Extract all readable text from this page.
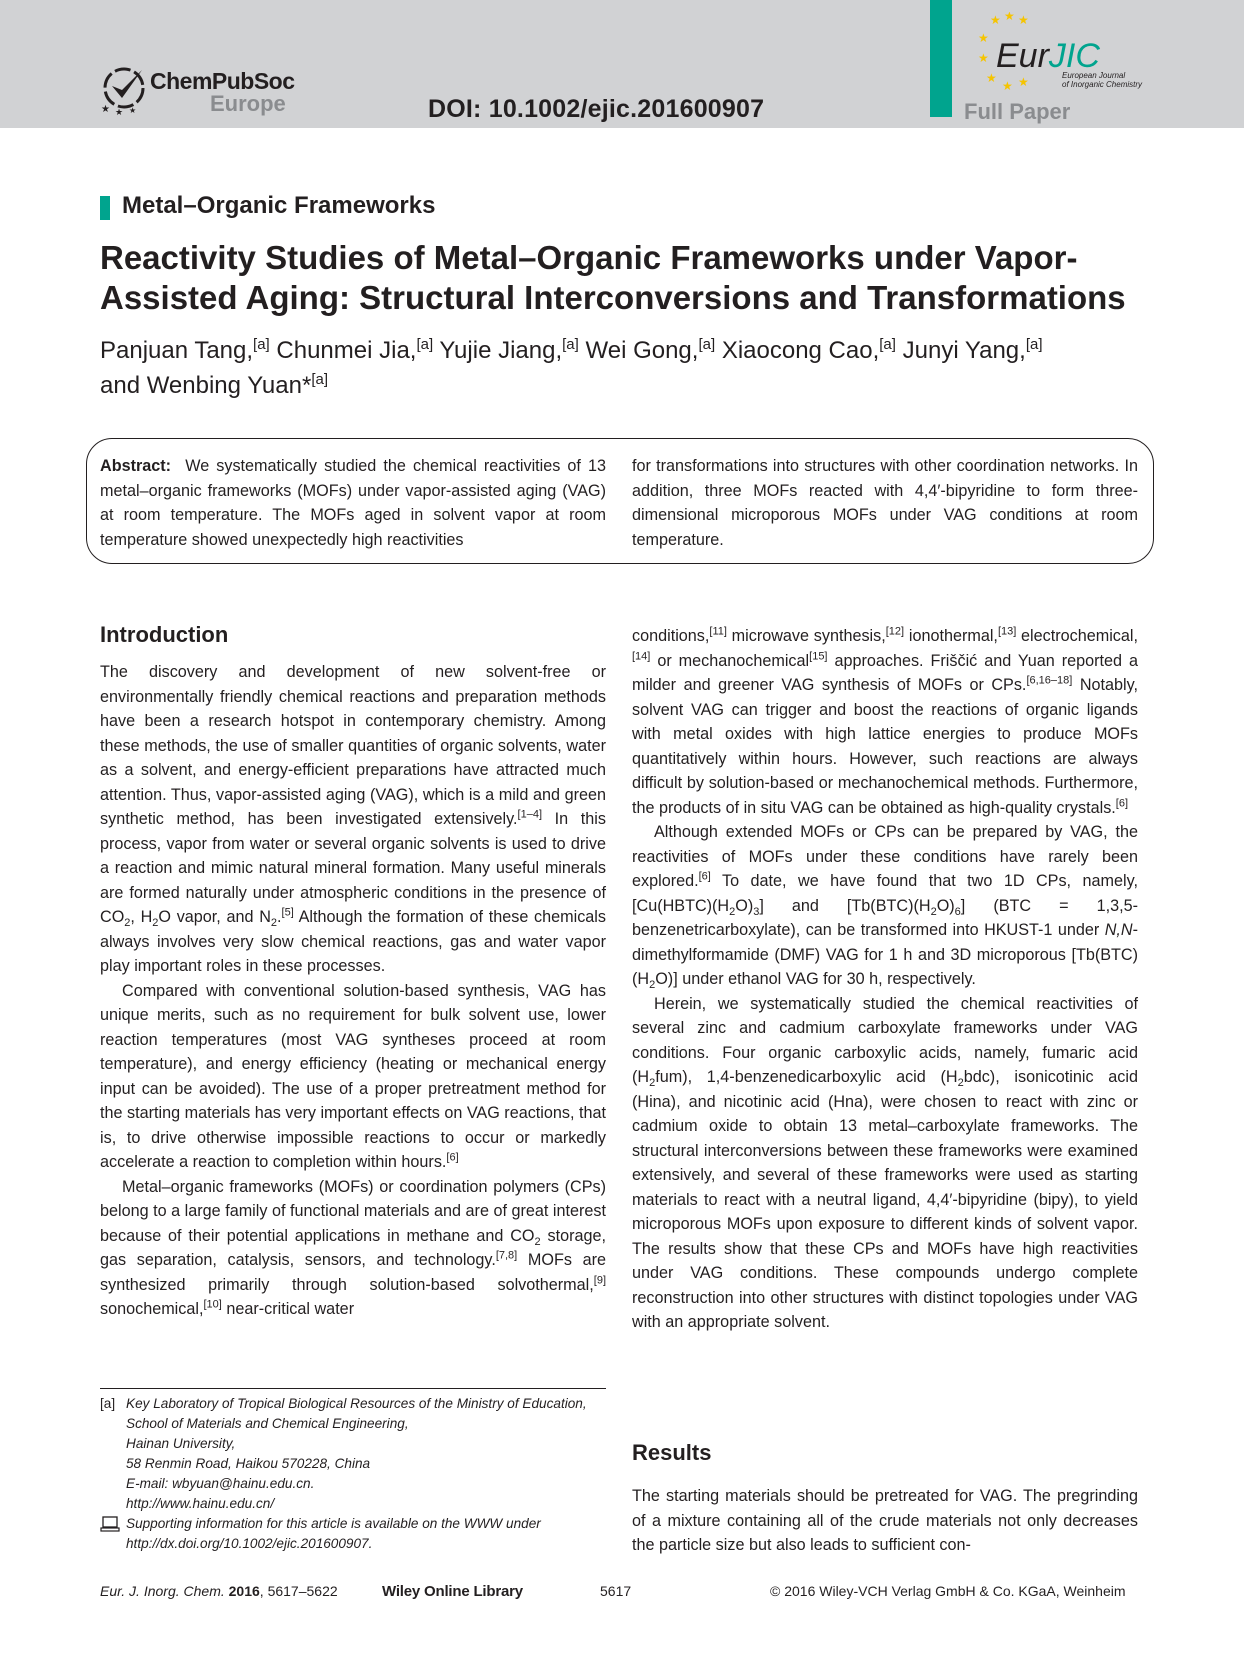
★ ★ ★
ChemPubSoc
Europe	DOI: 10.1002/ejic.201600907
★ ★ ★
★
★
★
★ ★
EurJIC
European Journal
of Inorganic Chemistry
Full Paper
Metal–Organic Frameworks
Reactivity Studies of Metal–Organic Frameworks under Vapor-Assisted Aging: Structural Interconversions and Transformations
Panjuan Tang,[a] Chunmei Jia,[a] Yujie Jiang,[a] Wei Gong,[a] Xiaocong Cao,[a] Junyi Yang,[a]
and Wenbing Yuan*[a]

Abstract: We systematically studied the chemical reactivities of 13 metal–organic frameworks (MOFs) under vapor-assisted aging (VAG) at room temperature. The MOFs aged in solvent vapor at room temperature showed unexpectedly high reactivities

for transformations into structures with other coordination networks. In addition, three MOFs reacted with 4,4′-bipyridine to form three-dimensional microporous MOFs under VAG conditions at room temperature.

Introduction

The discovery and development of new solvent-free or environmentally friendly chemical reactions and preparation methods have been a research hotspot in contemporary chemistry. Among these methods, the use of smaller quantities of organic solvents, water as a solvent, and energy-efficient preparations have attracted much attention. Thus, vapor-assisted aging (VAG), which is a mild and green synthetic method, has been investigated extensively.[1–4] In this process, vapor from water or several organic solvents is used to drive a reaction and mimic natural mineral formation. Many useful minerals are formed naturally under atmospheric conditions in the presence of $CO_2$, $H_2O$ vapor, and $N_2.[5]$ Although the formation of these chemicals always involves very slow chemical reactions, gas and water vapor play important roles in these processes.

Compared with conventional solution-based synthesis, VAG has unique merits, such as no requirement for bulk solvent use, lower reaction temperatures (most VAG syntheses proceed at room temperature), and energy efficiency (heating or mechanical energy input can be avoided). The use of a proper pretreatment method for the starting materials has very important effects on VAG reactions, that is, to drive otherwise impossible reactions to occur or markedly accelerate a reaction to completion within hours.[6]

Metal–organic frameworks (MOFs) or coordination polymers (CPs) belong to a large family of functional materials and are of great interest because of their potential applications in methane and $CO_2$ storage, gas separation, catalysis, sensors, and technology.[7,8] MOFs are synthesized primarily through solution-based solvothermal,[9] sonochemical,[10] near-critical water

conditions,[11] microwave synthesis,[12] ionothermal,[13] electrochemical,[14] or mechanochemical[15] approaches. Friščić and Yuan reported a milder and greener VAG synthesis of MOFs or CPs.[6,16–18] Notably, solvent VAG can trigger and boost the reactions of organic ligands with metal oxides with high lattice energies to produce MOFs quantitatively within hours. However, such reactions are always difficult by solution-based or mechanochemical methods. Furthermore, the products of in situ VAG can be obtained as high-quality crystals.[6]

Although extended MOFs or CPs can be prepared by VAG, the reactivities of MOFs under these conditions have rarely been explored.[6] To date, we have found that two 1D CPs, namely, $[Cu(HBTC)(H_2O)_3]$ and $[Tb(BTC)(H_2O)_6] (BTC$ = 1,3,5-benzenetricarboxylate), can be transformed into HKUST-1 under N,N-dimethylformamide (DMF) VAG for 1 h and 3D microporous $[Tb(BTC)(H_2O)]$ under ethanol VAG for 30 h, respectively.

Herein, we systematically studied the chemical reactivities of several zinc and cadmium carboxylate frameworks under VAG conditions. Four organic carboxylic acids, namely, fumaric acid $(H_2fum)$, 1,4-benzenedicarboxylic acid $(H_2bdc)$, isonicotinic acid (Hina), and nicotinic acid (Hna), were chosen to react with zinc or cadmium oxide to obtain 13 metal–carboxylate frameworks. The structural interconversions between these frameworks were examined extensively, and several of these frameworks were used as starting materials to react with a neutral ligand, 4,4′-bipyridine (bipy), to yield microporous MOFs upon exposure to different kinds of solvent vapor. The results show that these CPs and MOFs have high reactivities under VAG conditions. These compounds undergo complete reconstruction into other structures with distinct topologies under VAG with an appropriate solvent.

Results

The starting materials should be pretreated for VAG. The pregrinding of a mixture containing all of the crude materials not only decreases the particle size but also leads to sufficient con-

[a] Key Laboratory of Tropical Biological Resources of the Ministry of Education, School of Materials and Chemical Engineering,
Hainan University,
58 Renmin Road, Haikou 570228, China
E-mail: wbyuan@hainu.edu.cn.
http://www.hainu.edu.cn/
Supporting information for this article is available on the WWW under http://dx.doi.org/10.1002/ejic.201600907.
Eur. J. Inorg. Chem. 2016, 5617–5622	Wiley Online Library	5617	© 2016 Wiley-VCH Verlag GmbH & Co. KGaA, Weinheim
